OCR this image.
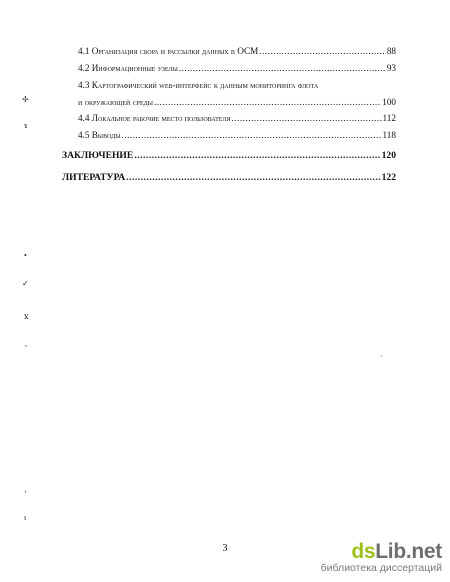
4.1 Организация сбора и рассылки данных в ОСМ .....	88
4.2 Информационные узелы .....	93
4.3 Картографический web-интерфейс к данным мониторинга флота
и окружающей среды .....	100
4.4 Локальное рабочие место пользователя .....	112
4.5 Выводы .....	118
ЗАКЛЮЧЕНИЕ .....	120
ЛИТЕРАТУРА .....	122
✢
ɤ
•
✓
ⅹ
,
·
ʻ
ɩ
3	dsLib.net
библиотека диссертаций
